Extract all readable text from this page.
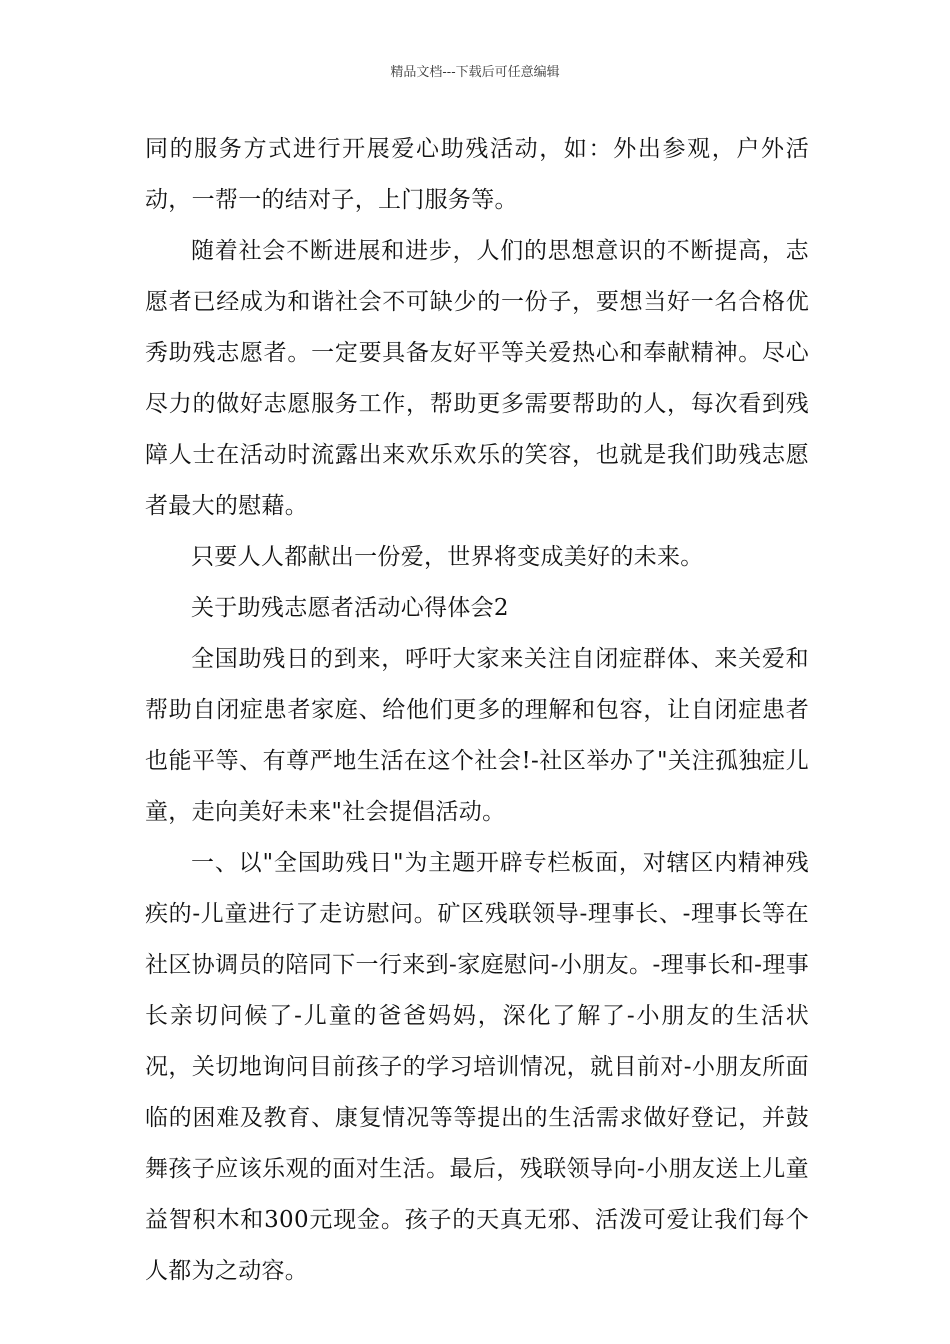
精品文档---下载后可任意编辑

同的服务方式进行开展爱心助残活动，如：外出参观，户外活动，一帮一的结对子，上门服务等。

随着社会不断进展和进步，人们的思想意识的不断提高，志愿者已经成为和谐社会不可缺少的一份子，要想当好一名合格优秀助残志愿者。一定要具备友好平等关爱热心和奉献精神。尽心尽力的做好志愿服务工作，帮助更多需要帮助的人，每次看到残障人士在活动时流露出来欢乐欢乐的笑容，也就是我们助残志愿者最大的慰藉。

只要人人都献出一份爱，世界将变成美好的未来。

关于助残志愿者活动心得体会2

全国助残日的到来，呼吁大家来关注自闭症群体、来关爱和帮助自闭症患者家庭、给他们更多的理解和包容，让自闭症患者也能平等、有尊严地生活在这个社会!-社区举办了"关注孤独症儿童，走向美好未来"社会提倡活动。

一、以"全国助残日"为主题开辟专栏板面，对辖区内精神残疾的-儿童进行了走访慰问。矿区残联领导-理事长、-理事长等在社区协调员的陪同下一行来到-家庭慰问-小朋友。-理事长和-理事长亲切问候了-儿童的爸爸妈妈，深化了解了-小朋友的生活状况，关切地询问目前孩子的学习培训情况，就目前对-小朋友所面临的困难及教育、康复情况等等提出的生活需求做好登记，并鼓舞孩子应该乐观的面对生活。最后，残联领导向-小朋友送上儿童益智积木和300元现金。孩子的天真无邪、活泼可爱让我们每个人都为之动容。
